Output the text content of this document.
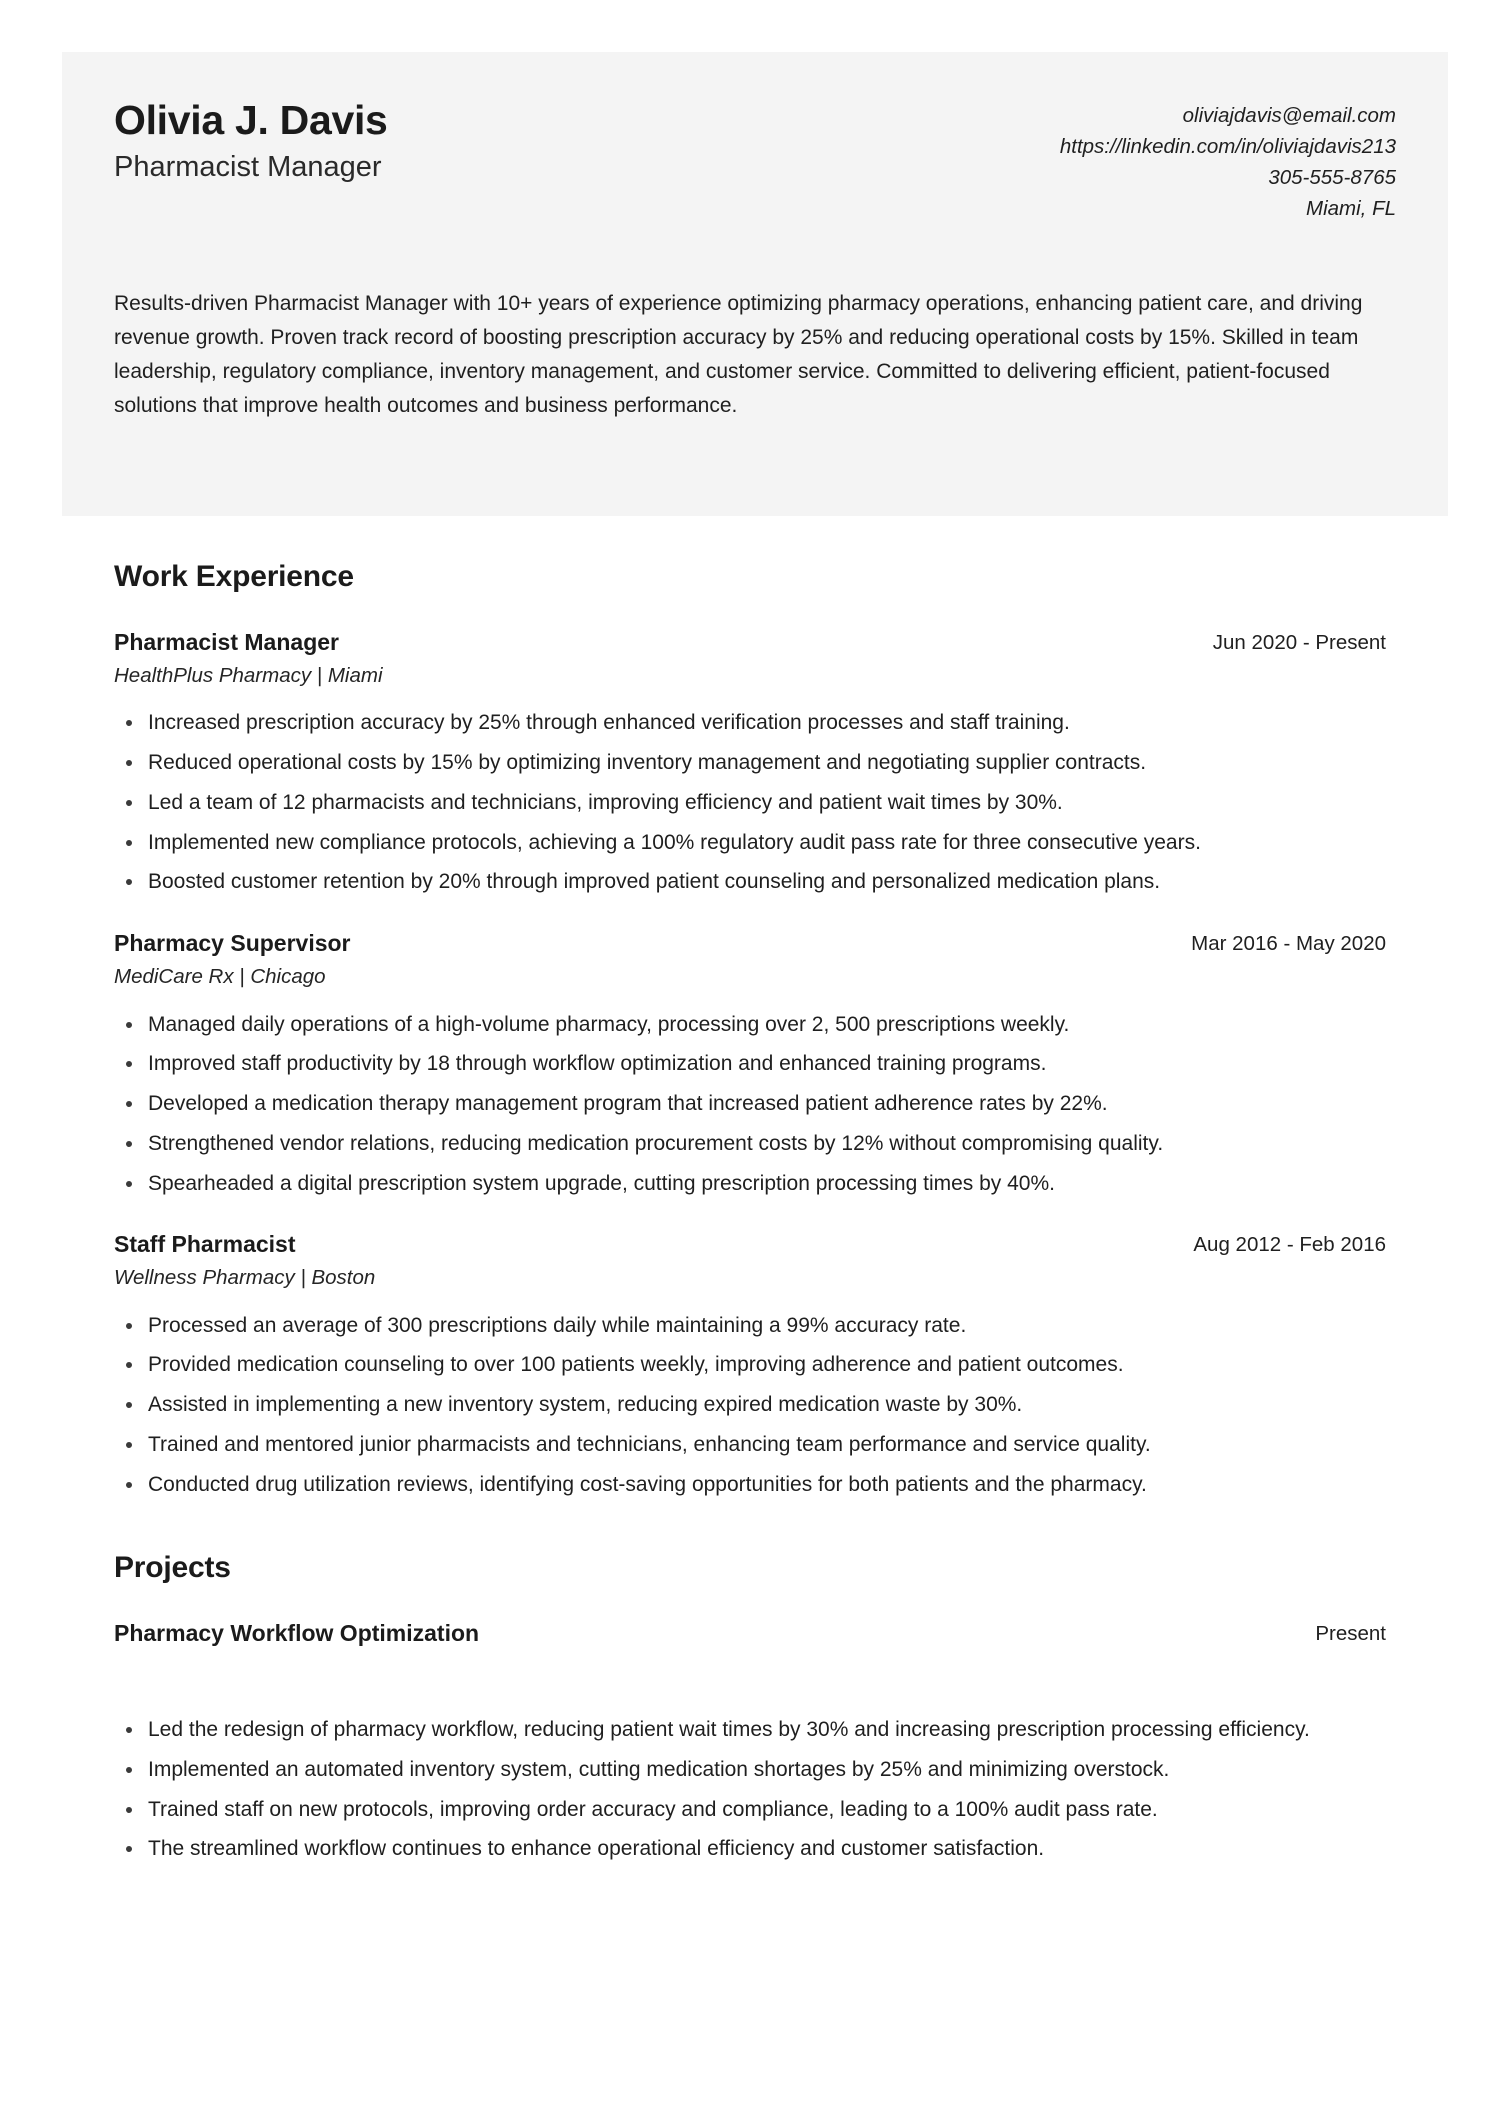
Olivia J. Davis
Pharmacist Manager
oliviajdavis@email.com
https://linkedin.com/in/oliviajdavis213
305-555-8765
Miami, FL
Results-driven Pharmacist Manager with 10+ years of experience optimizing pharmacy operations, enhancing patient care, and driving revenue growth. Proven track record of boosting prescription accuracy by 25% and reducing operational costs by 15%. Skilled in team leadership, regulatory compliance, inventory management, and customer service. Committed to delivering efficient, patient-focused solutions that improve health outcomes and business performance.
Work Experience
Pharmacist Manager	Jun 2020 - Present
HealthPlus Pharmacy | Miami
Increased prescription accuracy by 25% through enhanced verification processes and staff training.
Reduced operational costs by 15% by optimizing inventory management and negotiating supplier contracts.
Led a team of 12 pharmacists and technicians, improving efficiency and patient wait times by 30%.
Implemented new compliance protocols, achieving a 100% regulatory audit pass rate for three consecutive years.
Boosted customer retention by 20% through improved patient counseling and personalized medication plans.
Pharmacy Supervisor	Mar 2016 - May 2020
MediCare Rx | Chicago
Managed daily operations of a high-volume pharmacy, processing over 2, 500 prescriptions weekly.
Improved staff productivity by 18 through workflow optimization and enhanced training programs.
Developed a medication therapy management program that increased patient adherence rates by 22%.
Strengthened vendor relations, reducing medication procurement costs by 12% without compromising quality.
Spearheaded a digital prescription system upgrade, cutting prescription processing times by 40%.
Staff Pharmacist	Aug 2012 - Feb 2016
Wellness Pharmacy | Boston
Processed an average of 300 prescriptions daily while maintaining a 99% accuracy rate.
Provided medication counseling to over 100 patients weekly, improving adherence and patient outcomes.
Assisted in implementing a new inventory system, reducing expired medication waste by 30%.
Trained and mentored junior pharmacists and technicians, enhancing team performance and service quality.
Conducted drug utilization reviews, identifying cost-saving opportunities for both patients and the pharmacy.
Projects
Pharmacy Workflow Optimization	Present
Led the redesign of pharmacy workflow, reducing patient wait times by 30% and increasing prescription processing efficiency.
Implemented an automated inventory system, cutting medication shortages by 25% and minimizing overstock.
Trained staff on new protocols, improving order accuracy and compliance, leading to a 100% audit pass rate.
The streamlined workflow continues to enhance operational efficiency and customer satisfaction.
